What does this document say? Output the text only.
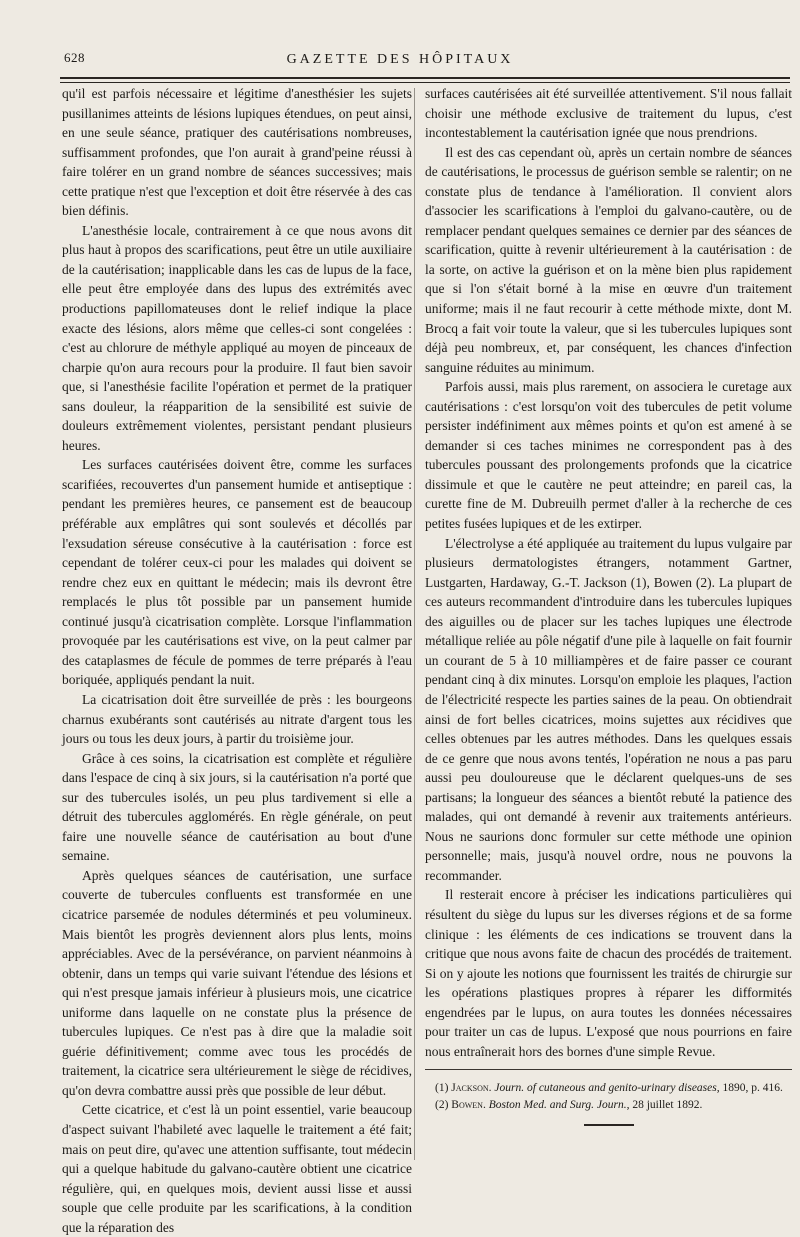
628	GAZETTE DES HÔPITAUX

qu'il est parfois nécessaire et légitime d'anesthésier les sujets pusillanimes atteints de lésions lupiques étendues, on peut ainsi, en une seule séance, pratiquer des cautérisations nombreuses, suffisamment profondes, que l'on aurait à grand'peine réussi à faire tolérer en un grand nombre de séances successives; mais cette pratique n'est que l'exception et doit être réservée à des cas bien définis.

L'anesthésie locale, contrairement à ce que nous avons dit plus haut à propos des scarifications, peut être un utile auxiliaire de la cautérisation; inapplicable dans les cas de lupus de la face, elle peut être employée dans des lupus des extrémités avec productions papillomateuses dont le relief indique la place exacte des lésions, alors même que celles-ci sont congelées : c'est au chlorure de méthyle appliqué au moyen de pinceaux de charpie qu'on aura recours pour la produire. Il faut bien savoir que, si l'anesthésie facilite l'opération et permet de la pratiquer sans douleur, la réapparition de la sensibilité est suivie de douleurs extrêmement violentes, persistant pendant plusieurs heures.

Les surfaces cautérisées doivent être, comme les surfaces scarifiées, recouvertes d'un pansement humide et antiseptique : pendant les premières heures, ce pansement est de beaucoup préférable aux emplâtres qui sont soulevés et décollés par l'exsudation séreuse consécutive à la cautérisation : force est cependant de tolérer ceux-ci pour les malades qui doivent se rendre chez eux en quittant le médecin; mais ils devront être remplacés le plus tôt possible par un pansement humide continué jusqu'à cicatrisation complète. Lorsque l'inflammation provoquée par les cautérisations est vive, on la peut calmer par des cataplasmes de fécule de pommes de terre préparés à l'eau boriquée, appliqués pendant la nuit.

La cicatrisation doit être surveillée de près : les bourgeons charnus exubérants sont cautérisés au nitrate d'argent tous les jours ou tous les deux jours, à partir du troisième jour.

Grâce à ces soins, la cicatrisation est complète et régulière dans l'espace de cinq à six jours, si la cautérisation n'a porté que sur des tubercules isolés, un peu plus tardivement si elle a détruit des tubercules agglomérés. En règle générale, on peut faire une nouvelle séance de cautérisation au bout d'une semaine.

Après quelques séances de cautérisation, une surface couverte de tubercules confluents est transformée en une cicatrice parsemée de nodules déterminés et peu volumineux. Mais bientôt les progrès deviennent alors plus lents, moins appréciables. Avec de la persévérance, on parvient néanmoins à obtenir, dans un temps qui varie suivant l'étendue des lésions et qui n'est presque jamais inférieur à plusieurs mois, une cicatrice uniforme dans laquelle on ne constate plus la présence de tubercules lupiques. Ce n'est pas à dire que la maladie soit guérie définitivement; comme avec tous les procédés de traitement, la cicatrice sera ultérieurement le siège de récidives, qu'on devra combattre aussi près que possible de leur début.

Cette cicatrice, et c'est là un point essentiel, varie beaucoup d'aspect suivant l'habileté avec laquelle le traitement a été fait; mais on peut dire, qu'avec une attention suffisante, tout médecin qui a quelque habitude du galvano-cautère obtient une cicatrice régulière, qui, en quelques mois, devient aussi lisse et aussi souple que celle produite par les scarifications, à la condition que la réparation des

surfaces cautérisées ait été surveillée attentivement. S'il nous fallait choisir une méthode exclusive de traitement du lupus, c'est incontestablement la cautérisation ignée que nous prendrions.

Il est des cas cependant où, après un certain nombre de séances de cautérisations, le processus de guérison semble se ralentir; on ne constate plus de tendance à l'amélioration. Il convient alors d'associer les scarifications à l'emploi du galvano-cautère, ou de remplacer pendant quelques semaines ce dernier par des séances de scarification, quitte à revenir ultérieurement à la cautérisation : de la sorte, on active la guérison et on la mène bien plus rapidement que si l'on s'était borné à la mise en œuvre d'un traitement uniforme; mais il ne faut recourir à cette méthode mixte, dont M. Brocq a fait voir toute la valeur, que si les tubercules lupiques sont déjà peu nombreux, et, par conséquent, les chances d'infection sanguine réduites au minimum.

Parfois aussi, mais plus rarement, on associera le curetage aux cautérisations : c'est lorsqu'on voit des tubercules de petit volume persister indéfiniment aux mêmes points et qu'on est amené à se demander si ces taches minimes ne correspondent pas à des tubercules poussant des prolongements profonds que la cicatrice dissimule et que le cautère ne peut atteindre; en pareil cas, la curette fine de M. Dubreuilh permet d'aller à la recherche de ces petites fusées lupiques et de les extirper.

L'électrolyse a été appliquée au traitement du lupus vulgaire par plusieurs dermatologistes étrangers, notamment Gartner, Lustgarten, Hardaway, G.-T. Jackson (1), Bowen (2). La plupart de ces auteurs recommandent d'introduire dans les tubercules lupiques des aiguilles ou de placer sur les taches lupiques une électrode métallique reliée au pôle négatif d'une pile à laquelle on fait fournir un courant de 5 à 10 milliampères et de faire passer ce courant pendant cinq à dix minutes. Lorsqu'on emploie les plaques, l'action de l'électricité respecte les parties saines de la peau. On obtiendrait ainsi de fort belles cicatrices, moins sujettes aux récidives que celles obtenues par les autres méthodes. Dans les quelques essais de ce genre que nous avons tentés, l'opération ne nous a pas paru aussi peu douloureuse que le déclarent quelques-uns de ses partisans; la longueur des séances a bientôt rebuté la patience des malades, qui ont demandé à revenir aux traitements antérieurs. Nous ne saurions donc formuler sur cette méthode une opinion personnelle; mais, jusqu'à nouvel ordre, nous ne pouvons la recommander.

Il resterait encore à préciser les indications particulières qui résultent du siège du lupus sur les diverses régions et de sa forme clinique : les éléments de ces indications se trouvent dans la critique que nous avons faite de chacun des procédés de traitement. Si on y ajoute les notions que fournissent les traités de chirurgie sur les opérations plastiques propres à réparer les difformités engendrées par le lupus, on aura toutes les données nécessaires pour traiter un cas de lupus. L'exposé que nous pourrions en faire nous entraînerait hors des bornes d'une simple Revue.

(1) Jackson. Journ. of cutaneous and genito-urinary diseases, 1890, p. 416.

(2) Bowen. Boston Med. and Surg. Journ., 28 juillet 1892.
